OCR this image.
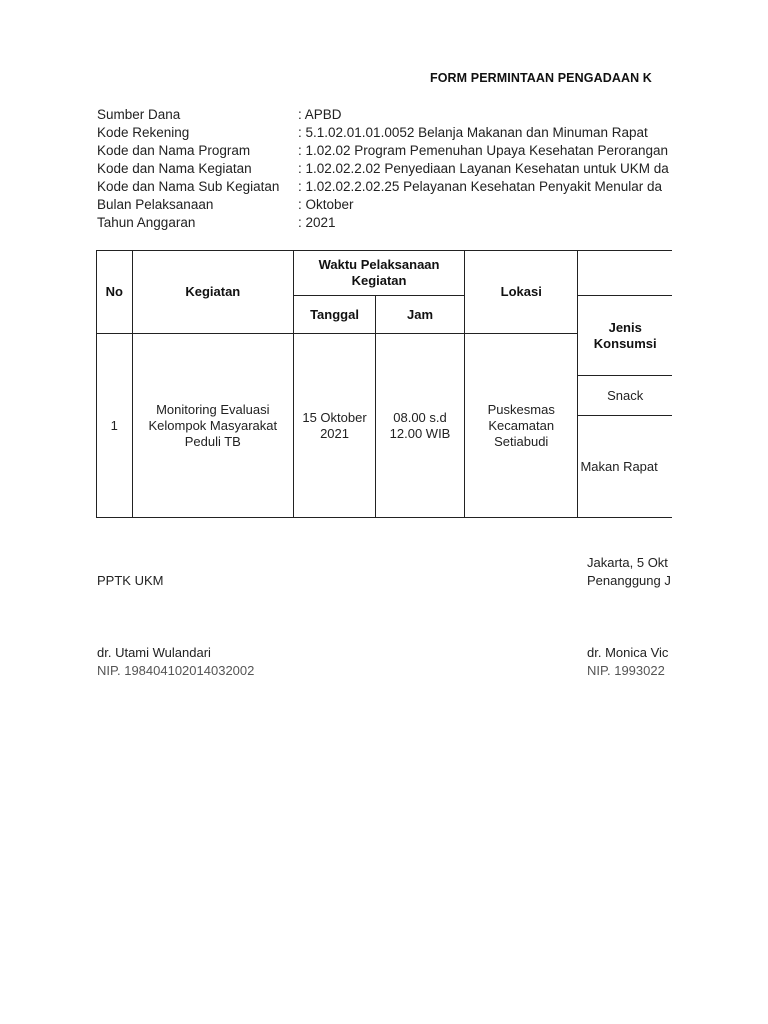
FORM PERMINTAAN PENGADAAN K
Sumber Dana	: APBD
Kode Rekening	: 5.1.02.01.01.0052 Belanja Makanan dan Minuman Rapat
Kode dan Nama Program	: 1.02.02 Program Pemenuhan Upaya Kesehatan Perorangan
Kode dan Nama Kegiatan	: 1.02.02.2.02 Penyediaan Layanan Kesehatan untuk UKM da
Kode dan Nama Sub Kegiatan	: 1.02.02.2.02.25 Pelayanan Kesehatan Penyakit Menular da
Bulan Pelaksanaan	: Oktober
Tahun Anggaran	: 2021
No	Kegiatan	Waktu Pelaksanaan Kegiatan		Lokasi	
		Tanggal	Jam		Jenis Konsumsi
1	Monitoring Evaluasi Kelompok Masyarakat Peduli TB	15 Oktober 2021	08.00 s.d 12.00 WIB	Puskesmas Kecamatan Setiabudi	
					Snack
					Makan Rapat
PPTK UKM
dr. Utami Wulandari
NIP. 198404102014032002
Jakarta, 5 Okt
Penanggung J
dr. Monica Vic
NIP. 1993022
